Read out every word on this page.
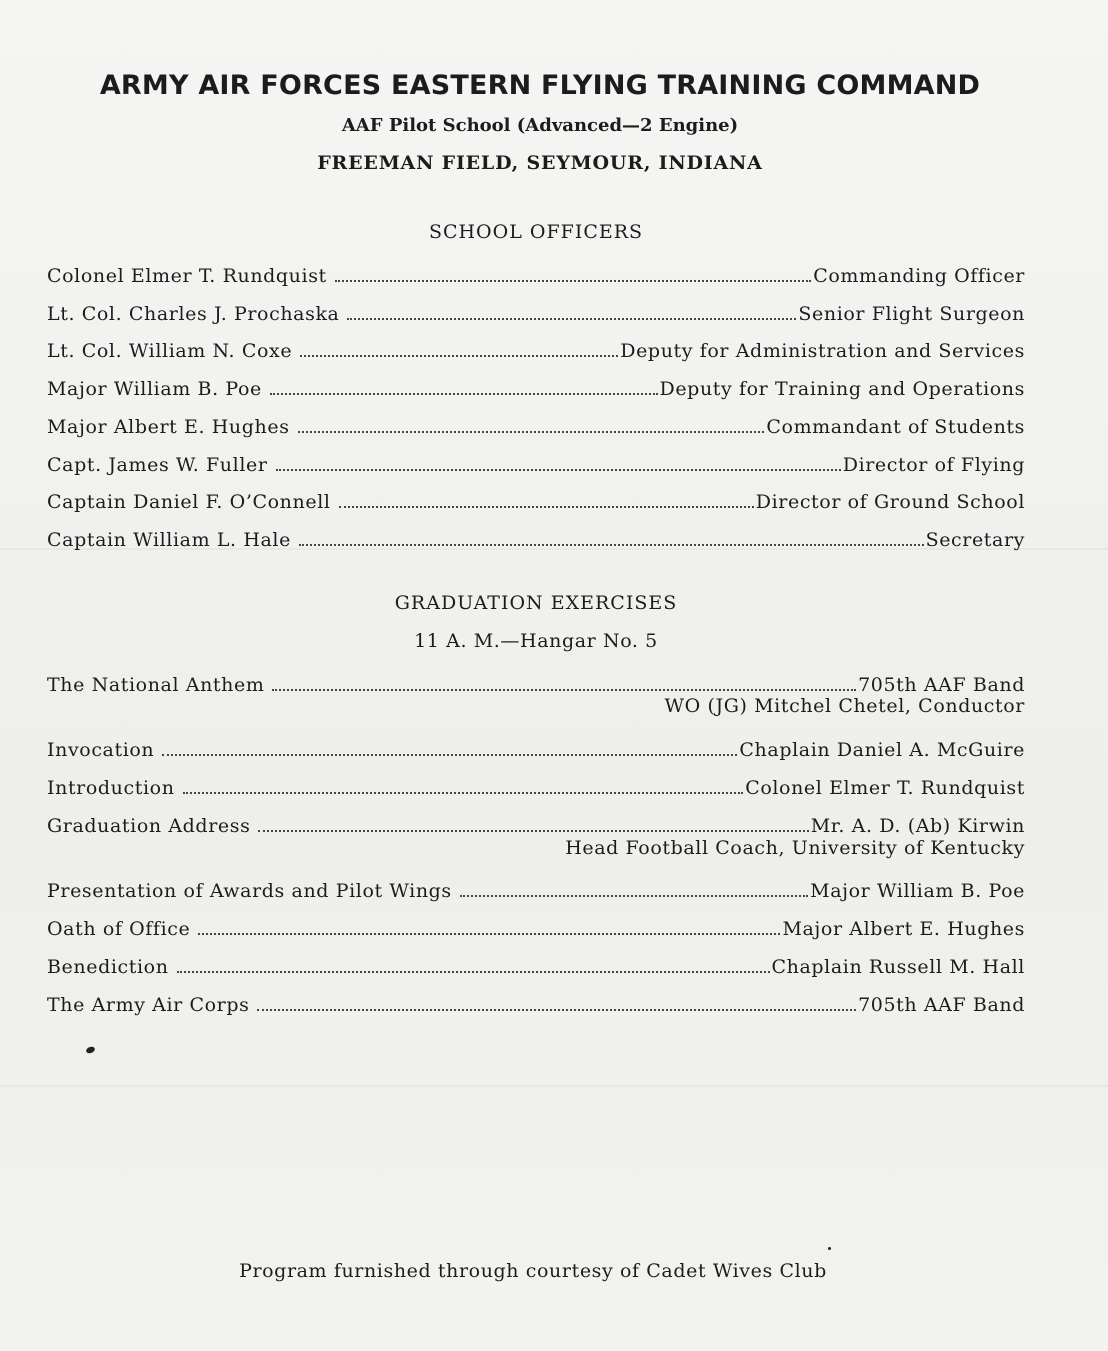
ARMY AIR FORCES EASTERN FLYING TRAINING COMMAND
AAF Pilot School (Advanced—2 Engine)
FREEMAN FIELD, SEYMOUR, INDIANA
SCHOOL OFFICERS
Colonel Elmer T. Rundquist	Commanding Officer
Lt. Col. Charles J. Prochaska	Senior Flight Surgeon
Lt. Col. William N. Coxe	Deputy for Administration and Services
Major William B. Poe	Deputy for Training and Operations
Major Albert E. Hughes	Commandant of Students
Capt. James W. Fuller	Director of Flying
Captain Daniel F. O’Connell	Director of Ground School
Captain William L. Hale	Secretary
GRADUATION EXERCISES
11 A. M.—Hangar No. 5
The National Anthem	705th AAF Band
WO (JG) Mitchel Chetel, Conductor
Invocation	Chaplain Daniel A. McGuire
Introduction	Colonel Elmer T. Rundquist
Graduation Address	Mr. A. D. (Ab) Kirwin
Head Football Coach, University of Kentucky
Presentation of Awards and Pilot Wings	Major William B. Poe
Oath of Office	Major Albert E. Hughes
Benediction	Chaplain Russell M. Hall
The Army Air Corps	705th AAF Band
Program furnished through courtesy of Cadet Wives Club
